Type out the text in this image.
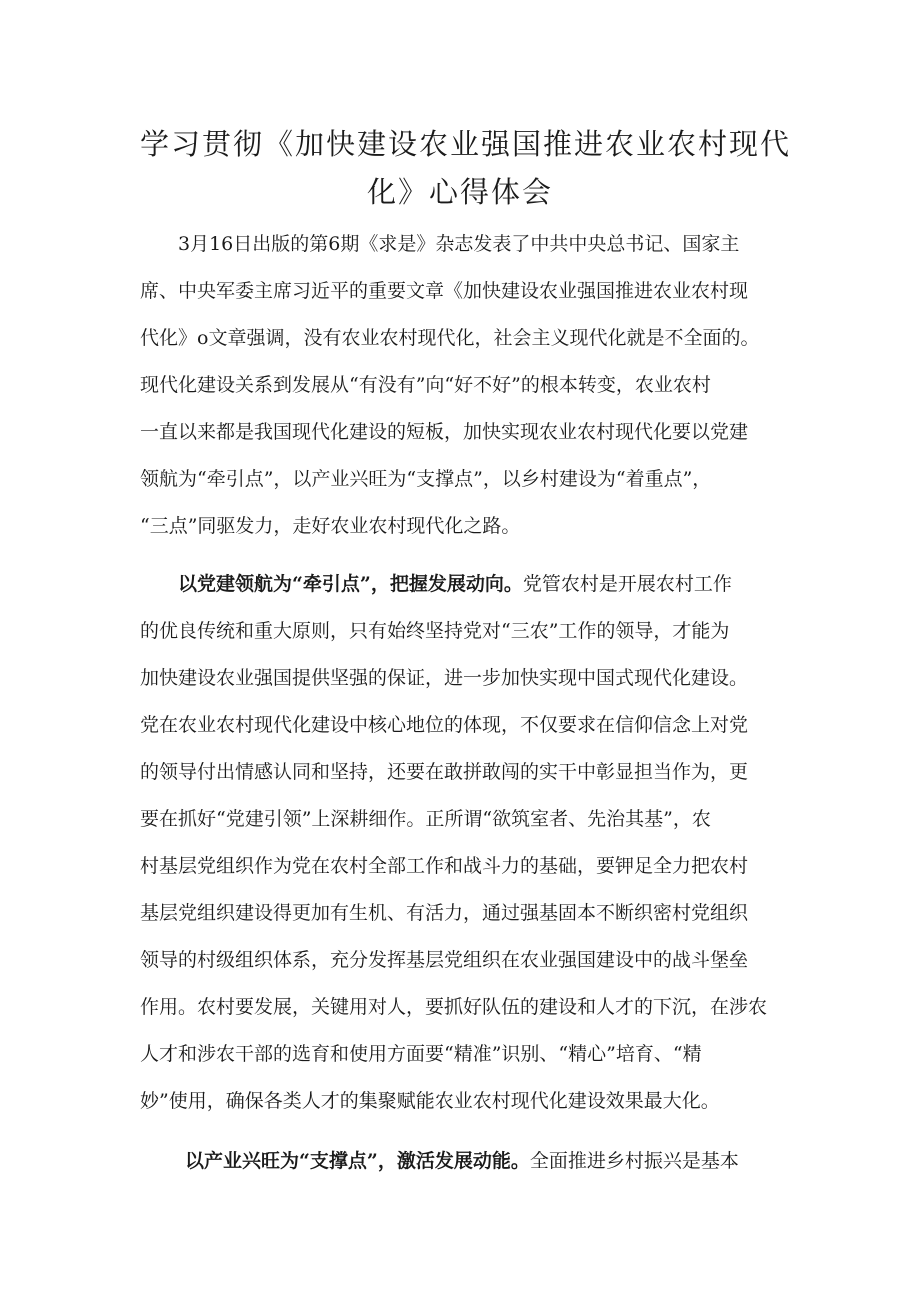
学习贯彻《加快建设农业强国推进农业农村现代
化》心得体会
3月16日出版的第6期《求是》杂志发表了中共中央总书记、国家主
席、中央军委主席习近平的重要文章《加快建设农业强国推进农业农村现
代化》o文章强调，没有农业农村现代化，社会主义现代化就是不全面的。
现代化建设关系到发展从“有没有”向“好不好”的根本转变，农业农村
一直以来都是我国现代化建设的短板，加快实现农业农村现代化要以党建
领航为“牵引点”，以产业兴旺为“支撑点”，以乡村建设为“着重点”，
“三点”同驱发力，走好农业农村现代化之路。
以党建领航为“牵引点”，把握发展动向。党管农村是开展农村工作
的优良传统和重大原则，只有始终坚持党对“三农”工作的领导，才能为
加快建设农业强国提供坚强的保证，进一步加快实现中国式现代化建设。
党在农业农村现代化建设中核心地位的体现，不仅要求在信仰信念上对党
的领导付出情感认同和坚持，还要在敢拼敢闯的实干中彰显担当作为，更
要在抓好“党建引领”上深耕细作。正所谓“欲筑室者、先治其基”，农
村基层党组织作为党在农村全部工作和战斗力的基础，要钾足全力把农村
基层党组织建设得更加有生机、有活力，通过强基固本不断织密村党组织
领导的村级组织体系，充分发挥基层党组织在农业强国建设中的战斗堡垒
作用。农村要发展，关键用对人，要抓好队伍的建设和人才的下沉，在涉农
人才和涉农干部的选育和使用方面要“精准”识别、“精心”培育、“精
妙”使用，确保各类人才的集聚赋能农业农村现代化建设效果最大化。
以产业兴旺为“支撑点”，激活发展动能。全面推进乡村振兴是基本
